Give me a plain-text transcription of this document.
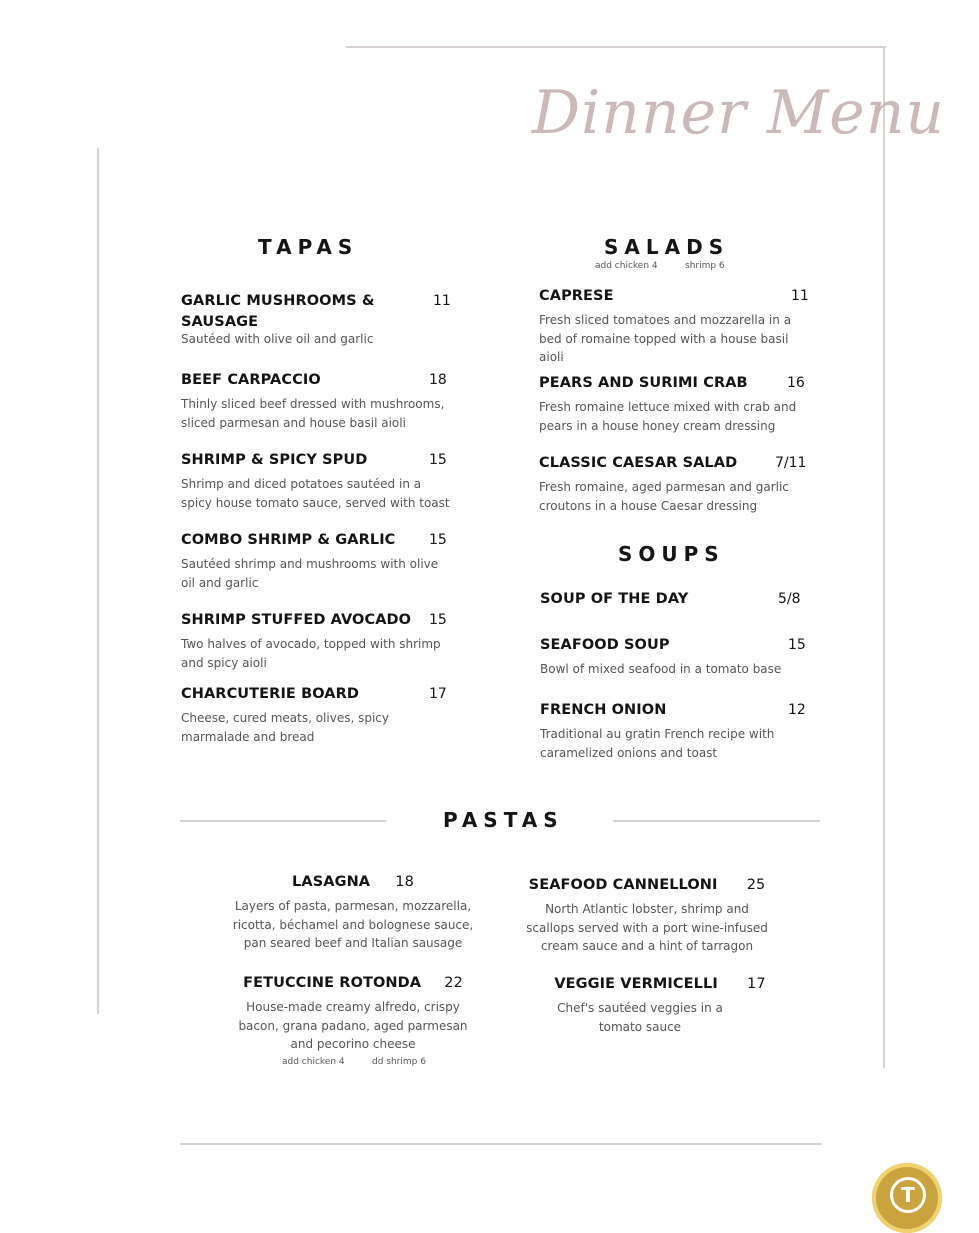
Dinner Menu
TAPAS
GARLIC MUSHROOMS & SAUSAGE
11
Sautéed with olive oil and garlic
BEEF CARPACCIO	18
Thinly sliced beef dressed with mushrooms, sliced parmesan and house basil aioli
SHRIMP & SPICY SPUD	15
Shrimp and diced potatoes sautéed in a spicy house tomato sauce, served with toast
COMBO SHRIMP & GARLIC	15
Sautéed shrimp and mushrooms with olive oil and garlic
SHRIMP STUFFED AVOCADO	15
Two halves of avocado, topped with shrimp and spicy aioli
CHARCUTERIE BOARD	17
Cheese, cured meats, olives, spicy marmalade and bread
SALADS
add chicken 4	shrimp 6
CAPRESE	11
Fresh sliced tomatoes and mozzarella in a bed of romaine topped with a house basil aioli
PEARS AND SURIMI CRAB	16
Fresh romaine lettuce mixed with crab and pears in a house honey cream dressing
CLASSIC CAESAR SALAD	7/11
Fresh romaine, aged parmesan and garlic croutons in a house Caesar dressing
SOUPS
SOUP OF THE DAY	5/8
SEAFOOD SOUP	15
Bowl of mixed seafood in a tomato base
FRENCH ONION	12
Traditional au gratin French recipe with caramelized onions and toast
PASTAS
LASAGNA 18
Layers of pasta, parmesan, mozzarella, ricotta, béchamel and bolognese sauce, pan seared beef and Italian sausage
SEAFOOD CANNELLONI 25
North Atlantic lobster, shrimp and scallops served with a port wine-infused cream sauce and a hint of tarragon
FETUCCINE ROTONDA 22
House-made creamy alfredo, crispy bacon, grana padano, aged parmesan and pecorino cheese
add chicken 4	dd shrimp 6
VEGGIE VERMICELLI 17
Chef's sautéed veggies in a tomato sauce
T
